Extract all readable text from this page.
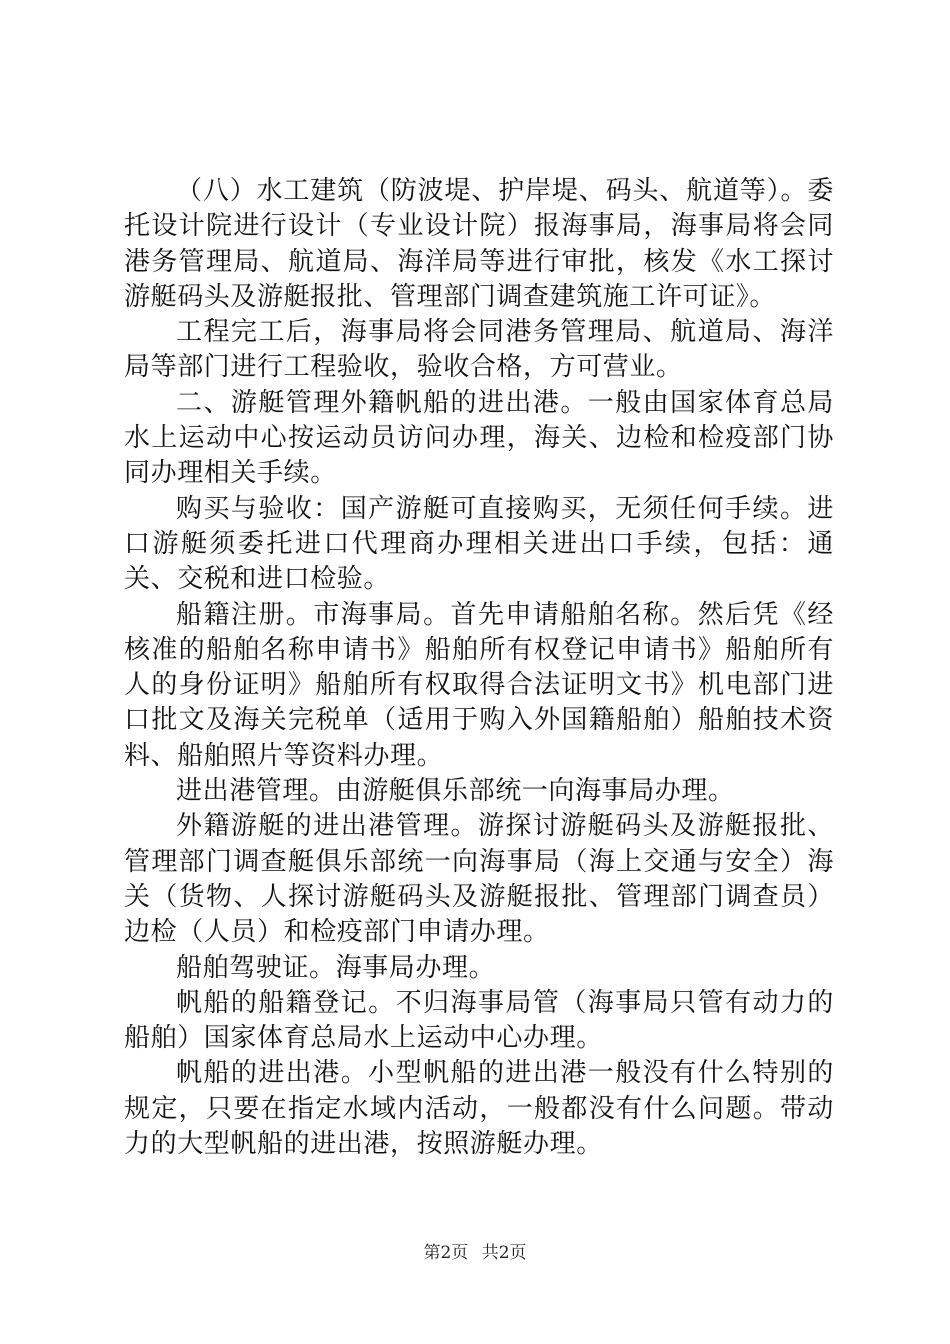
（八）水工建筑（防波堤、护岸堤、码头、航道等）。委托设计院进行设计（专业设计院）报海事局，海事局将会同港务管理局、航道局、海洋局等进行审批，核发《水工探讨游艇码头及游艇报批、管理部门调查建筑施工许可证》。

工程完工后，海事局将会同港务管理局、航道局、海洋局等部门进行工程验收，验收合格，方可营业。

二、游艇管理外籍帆船的进出港。一般由国家体育总局水上运动中心按运动员访问办理，海关、边检和检疫部门协同办理相关手续。

购买与验收：国产游艇可直接购买，无须任何手续。进口游艇须委托进口代理商办理相关进出口手续，包括：通关、交税和进口检验。

船籍注册。市海事局。首先申请船舶名称。然后凭《经核准的船舶名称申请书》船舶所有权登记申请书》船舶所有人的身份证明》船舶所有权取得合法证明文书》机电部门进口批文及海关完税单（适用于购入外国籍船舶）船舶技术资料、船舶照片等资料办理。

进出港管理。由游艇俱乐部统一向海事局办理。

外籍游艇的进出港管理。游探讨游艇码头及游艇报批、管理部门调查艇俱乐部统一向海事局（海上交通与安全）海关（货物、人探讨游艇码头及游艇报批、管理部门调查员）边检（人员）和检疫部门申请办理。

船舶驾驶证。海事局办理。

帆船的船籍登记。不归海事局管（海事局只管有动力的船舶）国家体育总局水上运动中心办理。

帆船的进出港。小型帆船的进出港一般没有什么特别的规定，只要在指定水域内活动，一般都没有什么问题。带动力的大型帆船的进出港，按照游艇办理。

第2页 共2页
